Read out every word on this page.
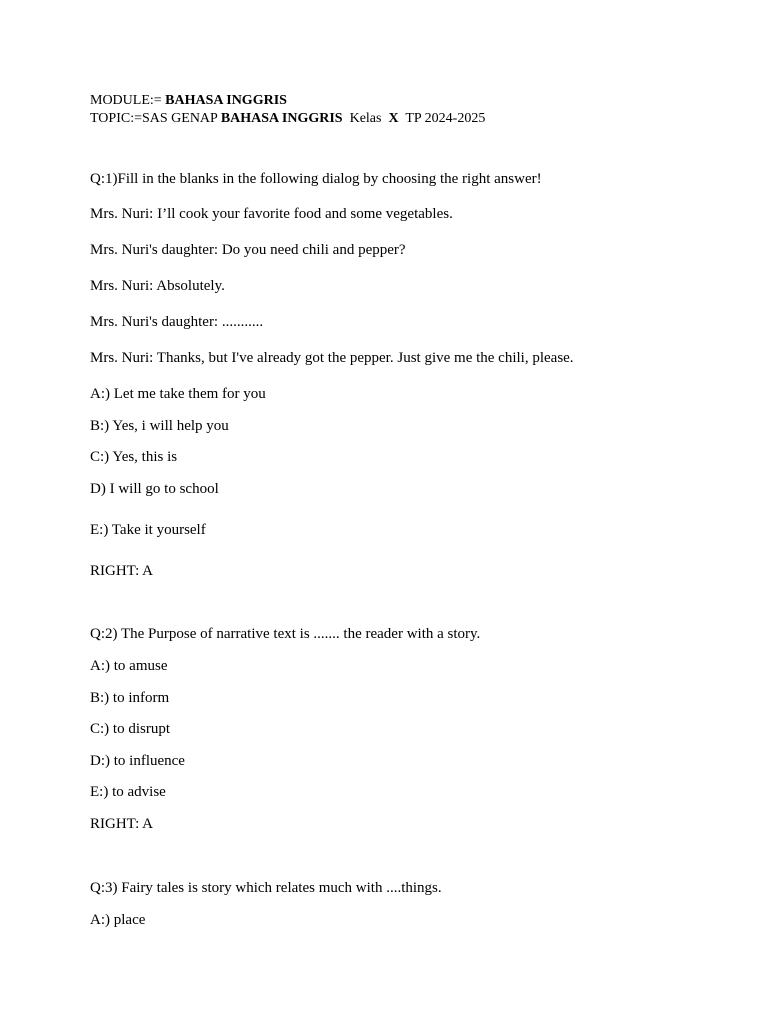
MODULE:= BAHASA INGGRIS
TOPIC:=SAS GENAP BAHASA INGGRIS Kelas X TP 2024-2025
Q:1)Fill in the blanks in the following dialog by choosing the right answer!
Mrs. Nuri: I’ll cook your favorite food and some vegetables.
Mrs. Nuri's daughter: Do you need chili and pepper?
Mrs. Nuri: Absolutely.
Mrs. Nuri's daughter: ...........
Mrs. Nuri: Thanks, but I've already got the pepper. Just give me the chili, please.
A:) Let me take them for you
B:) Yes, i will help you
C:) Yes, this is
D) I will go to school
E:) Take it yourself
RIGHT: A
Q:2) The Purpose of narrative text is ....... the reader with a story.
A:) to amuse
B:) to inform
C:) to disrupt
D:) to influence
E:) to advise
RIGHT: A
Q:3) Fairy tales is story which relates much with ....things.
A:) place
